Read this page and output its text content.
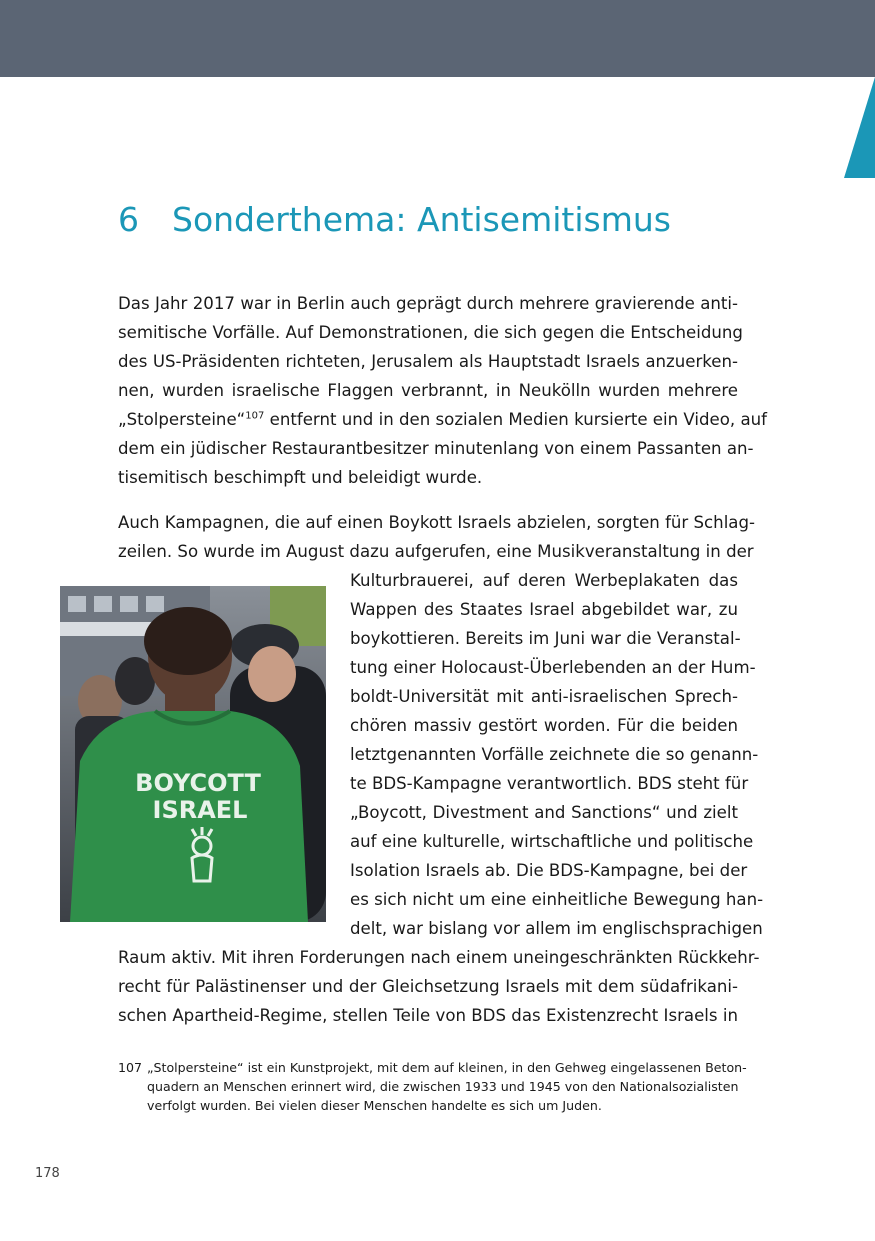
6 Sonderthema: Antisemitismus
Das Jahr 2017 war in Berlin auch geprägt durch mehrere gravierende anti-
semitische Vorfälle. Auf Demonstrationen, die sich gegen die Entscheidung
des US-Präsidenten richteten, Jerusalem als Hauptstadt Israels anzuerken-
nen, wurden israelische Flaggen verbrannt, in Neukölln wurden mehrere
„Stolpersteine“$^{107}$ entfernt und in den sozialen Medien kursierte ein Video, auf
dem ein jüdischer Restaurantbesitzer minutenlang von einem Passanten an-
tisemitisch beschimpft und beleidigt wurde.
Auch Kampagnen, die auf einen Boykott Israels abzielen, sorgten für Schlag-
zeilen. So wurde im August dazu aufgerufen, eine Musikveranstaltung in der
Kulturbrauerei, auf deren Werbeplakaten das
Wappen des Staates Israel abgebildet war, zu
boykottieren. Bereits im Juni war die Veranstal-
tung einer Holocaust-Überlebenden an der Hum-
boldt-Universität mit anti-israelischen Sprech-
chören massiv gestört worden. Für die beiden
letztgenannten Vorfälle zeichnete die so genann-
te BDS-Kampagne verantwortlich. BDS steht für
„Boycott, Divestment and Sanctions“ und zielt
auf eine kulturelle, wirtschaftliche und politische
Isolation Israels ab. Die BDS-Kampagne, bei der
es sich nicht um eine einheitliche Bewegung han-
delt, war bislang vor allem im englischsprachigen
Raum aktiv. Mit ihren Forderungen nach einem uneingeschränkten Rückkehr-
recht für Palästinenser und der Gleichsetzung Israels mit dem südafrikani-
schen Apartheid-Regime, stellen Teile von BDS das Existenzrecht Israels in
BOYCOTT
ISRAEL
107 „Stolpersteine“ ist ein Kunstprojekt, mit dem auf kleinen, in den Gehweg eingelassenen Beton-
quadern an Menschen erinnert wird, die zwischen 1933 und 1945 von den Nationalsozialisten
verfolgt wurden. Bei vielen dieser Menschen handelte es sich um Juden.
178
